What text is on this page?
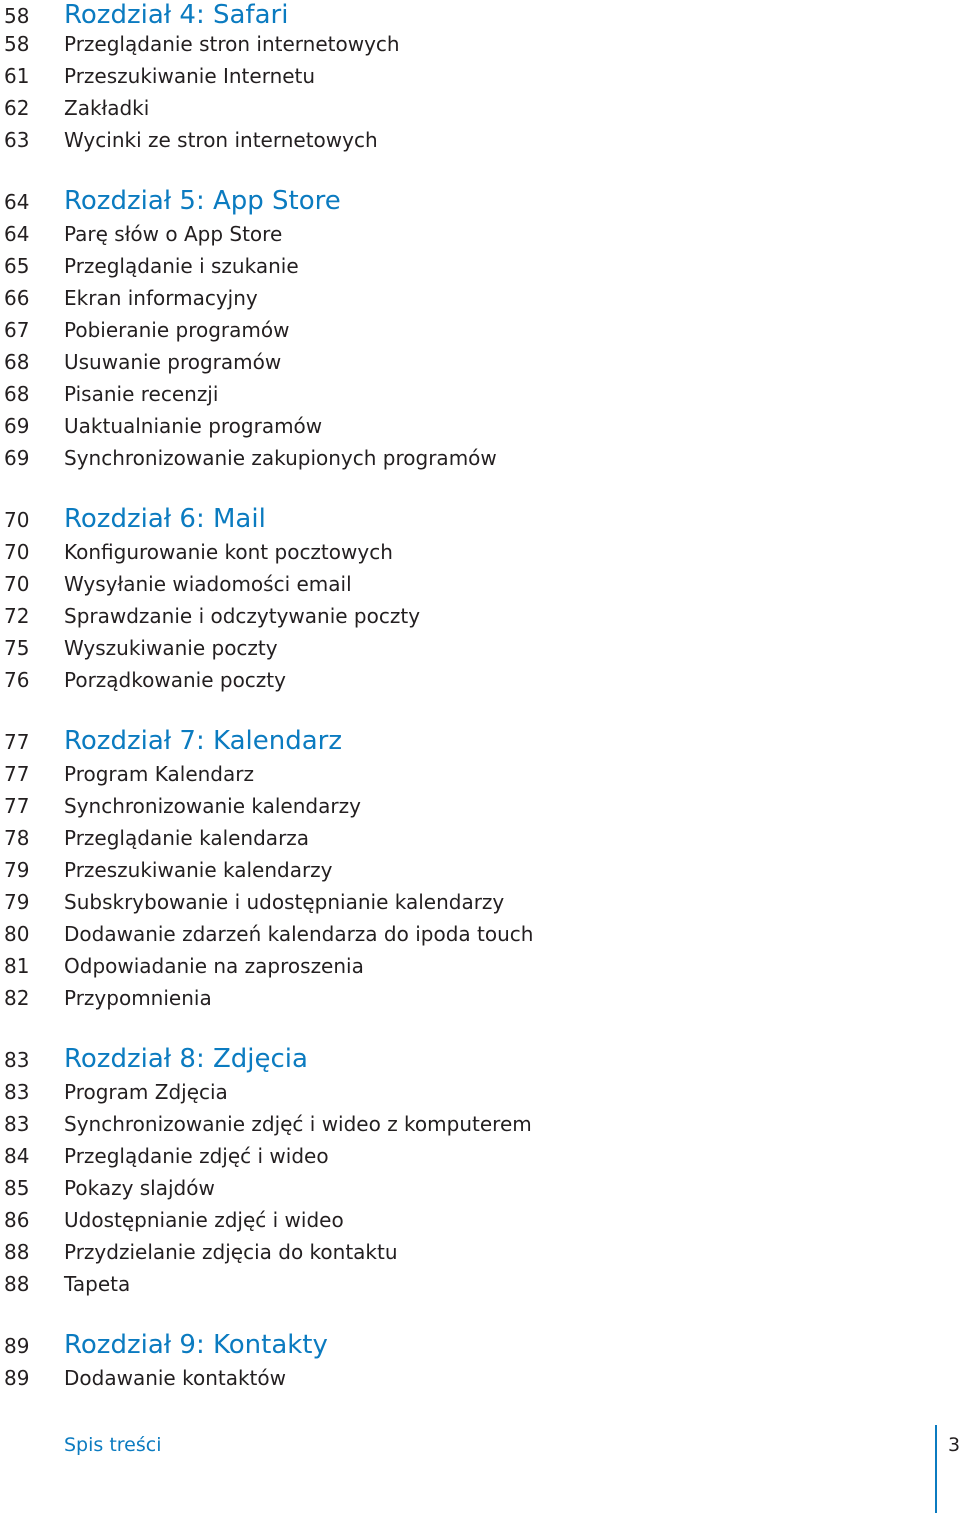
58	Rozdział 4: Safari
58	Przeglądanie stron internetowych
61	Przeszukiwanie Internetu
62	Zakładki
63	Wycinki ze stron internetowych
64	Rozdział 5: App Store
64	Parę słów o App Store
65	Przeglądanie i szukanie
66	Ekran informacyjny
67	Pobieranie programów
68	Usuwanie programów
68	Pisanie recenzji
69	Uaktualnianie programów
69	Synchronizowanie zakupionych programów
70	Rozdział 6: Mail
70	Konfigurowanie kont pocztowych
70	Wysyłanie wiadomości email
72	Sprawdzanie i odczytywanie poczty
75	Wyszukiwanie poczty
76	Porządkowanie poczty
77	Rozdział 7: Kalendarz
77	Program Kalendarz
77	Synchronizowanie kalendarzy
78	Przeglądanie kalendarza
79	Przeszukiwanie kalendarzy
79	Subskrybowanie i udostępnianie kalendarzy
80	Dodawanie zdarzeń kalendarza do ipoda touch
81	Odpowiadanie na zaproszenia
82	Przypomnienia
83	Rozdział 8: Zdjęcia
83	Program Zdjęcia
83	Synchronizowanie zdjęć i wideo z komputerem
84	Przeglądanie zdjęć i wideo
85	Pokazy slajdów
86	Udostępnianie zdjęć i wideo
88	Przydzielanie zdjęcia do kontaktu
88	Tapeta
89	Rozdział 9: Kontakty
89	Dodawanie kontaktów
Spis treści	3
